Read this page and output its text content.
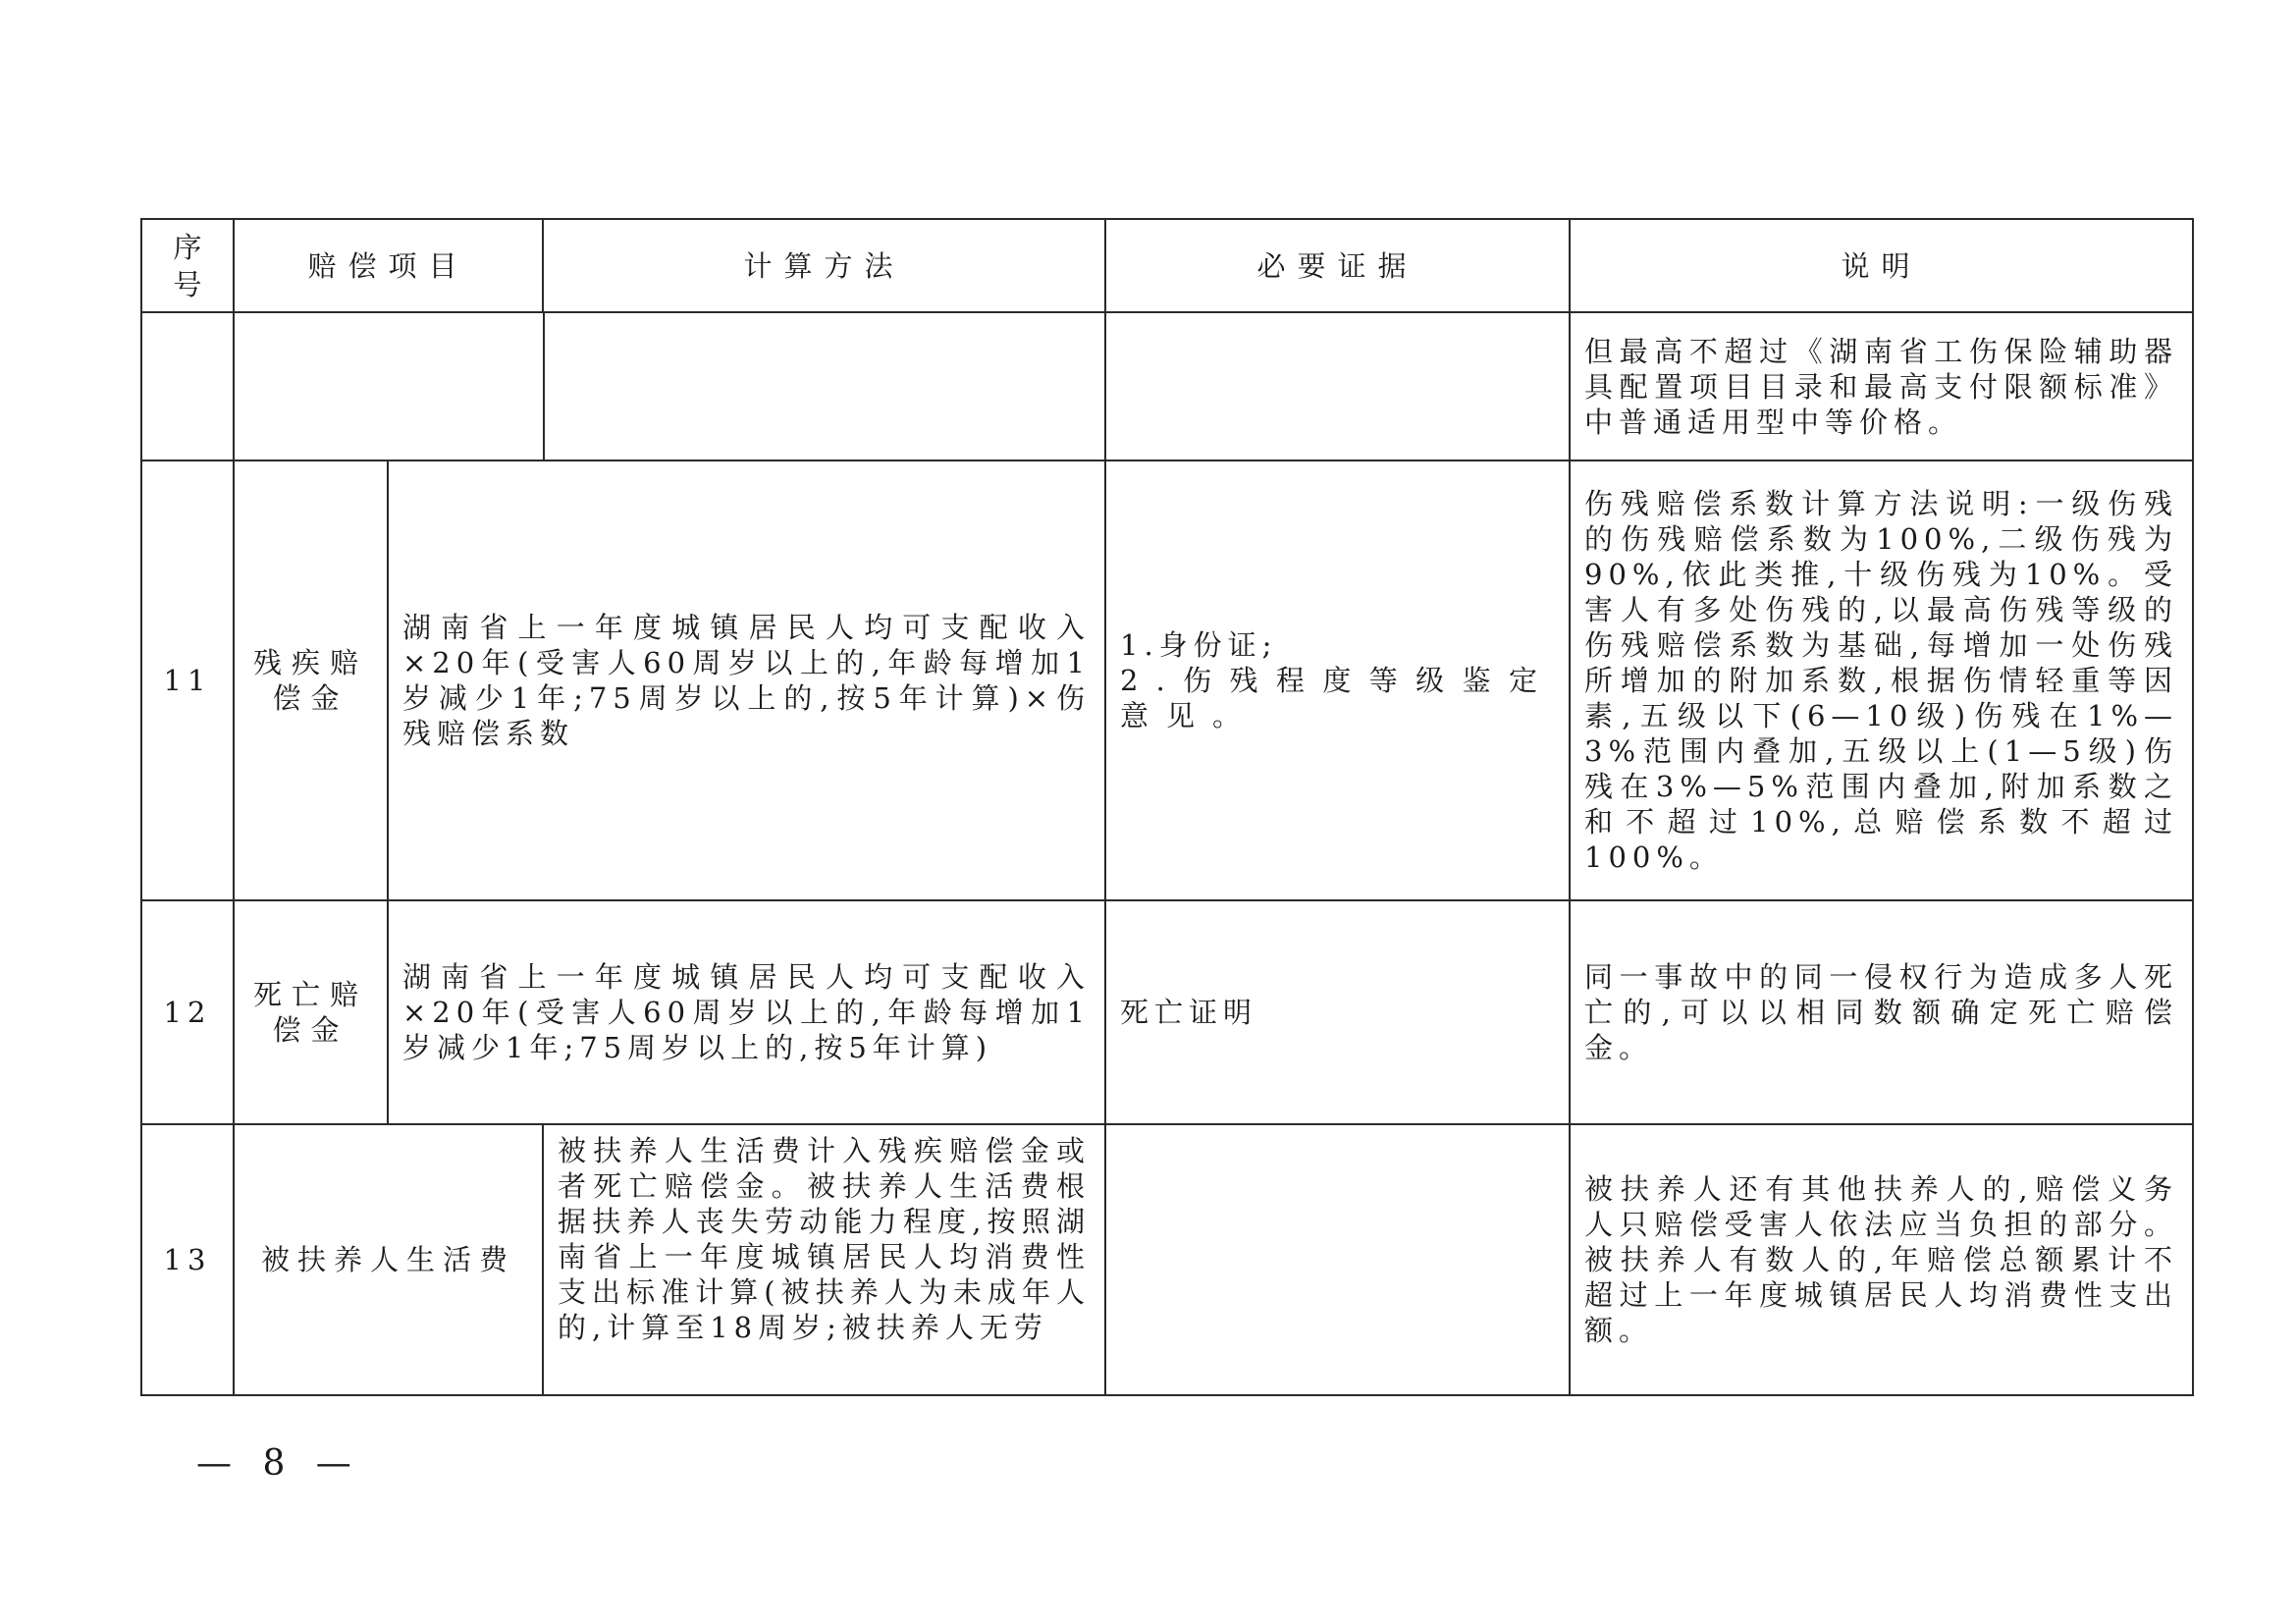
序号	赔偿项目		计算方法	必要证据	说明

				但最高不超过《湖南省工伤保险辅助器具配置项目目录和最高支付限额标准》中普通适用型中等价格。
11	残疾赔偿金	湖南省上一年度城镇居民人均可支配收入×20年(受害人60周岁以上的,年龄每增加1岁减少1年;75周岁以上的,按5年计算)×伤残赔偿系数		1.身份证;
2.伤残程度等级鉴定意见。	伤残赔偿系数计算方法说明:一级伤残的伤残赔偿系数为100%,二级伤残为90%,依此类推,十级伤残为10%。受害人有多处伤残的,以最高伤残等级的伤残赔偿系数为基础,每增加一处伤残所增加的附加系数,根据伤情轻重等因素,五级以下(6—10级)伤残在1%—3%范围内叠加,五级以上(1—5级)伤残在3%—5%范围内叠加,附加系数之和不超过10%,总赔偿系数不超过100%。
12	死亡赔偿金	湖南省上一年度城镇居民人均可支配收入×20年(受害人60周岁以上的,年龄每增加1岁减少1年;75周岁以上的,按5年计算)		死亡证明	同一事故中的同一侵权行为造成多人死亡的,可以以相同数额确定死亡赔偿金。
13	被扶养人生活费		被扶养人生活费计入残疾赔偿金或者死亡赔偿金。被扶养人生活费根据扶养人丧失劳动能力程度,按照湖南省上一年度城镇居民人均消费性支出标准计算(被扶养人为未成年人的,计算至18周岁;被扶养人无劳		被扶养人还有其他扶养人的,赔偿义务人只赔偿受害人依法应当负担的部分。被扶养人有数人的,年赔偿总额累计不超过上一年度城镇居民人均消费性支出额。
— 8 —
